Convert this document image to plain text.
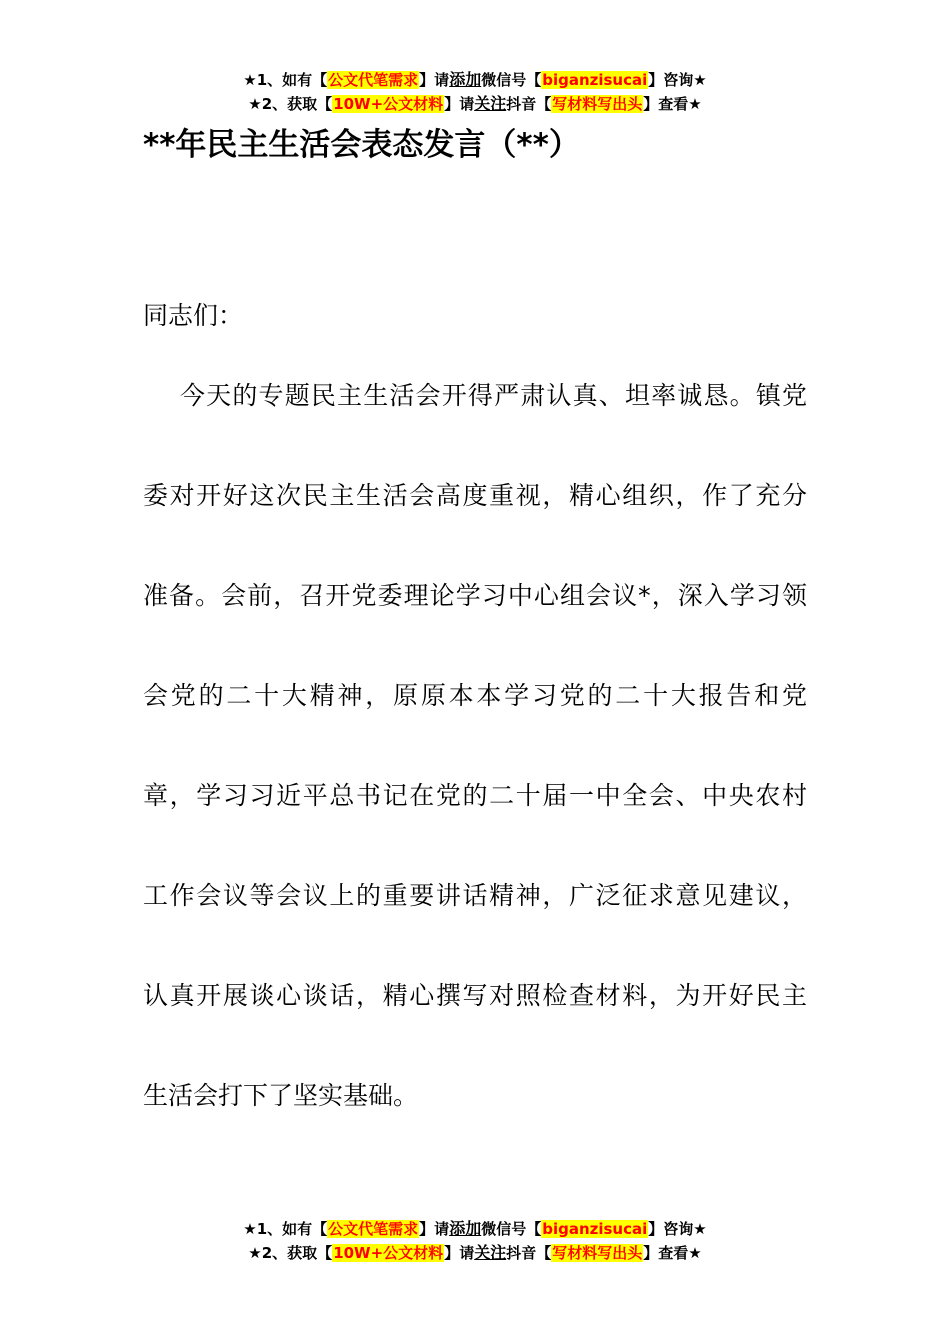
★1、如有【公文代笔需求】请添加微信号【biganzisucai】咨询★
★2、获取【10W+公文材料】请关注抖音【写材料写出头】查看★
**年民主生活会表态发言（**）

同志们：

今天的专题民主生活会开得严肃认真、坦率诚恳。镇党
委对开好这次民主生活会高度重视，精心组织，作了充分
准备。会前，召开党委理论学习中心组会议*，深入学习领
会党的二十大精神，原原本本学习党的二十大报告和党
章，学习习近平总书记在党的二十届一中全会、中央农村
工作会议等会议上的重要讲话精神，广泛征求意见建议，
认真开展谈心谈话，精心撰写对照检查材料，为开好民主
生活会打下了坚实基础。
★1、如有【公文代笔需求】请添加微信号【biganzisucai】咨询★
★2、获取【10W+公文材料】请关注抖音【写材料写出头】查看★
